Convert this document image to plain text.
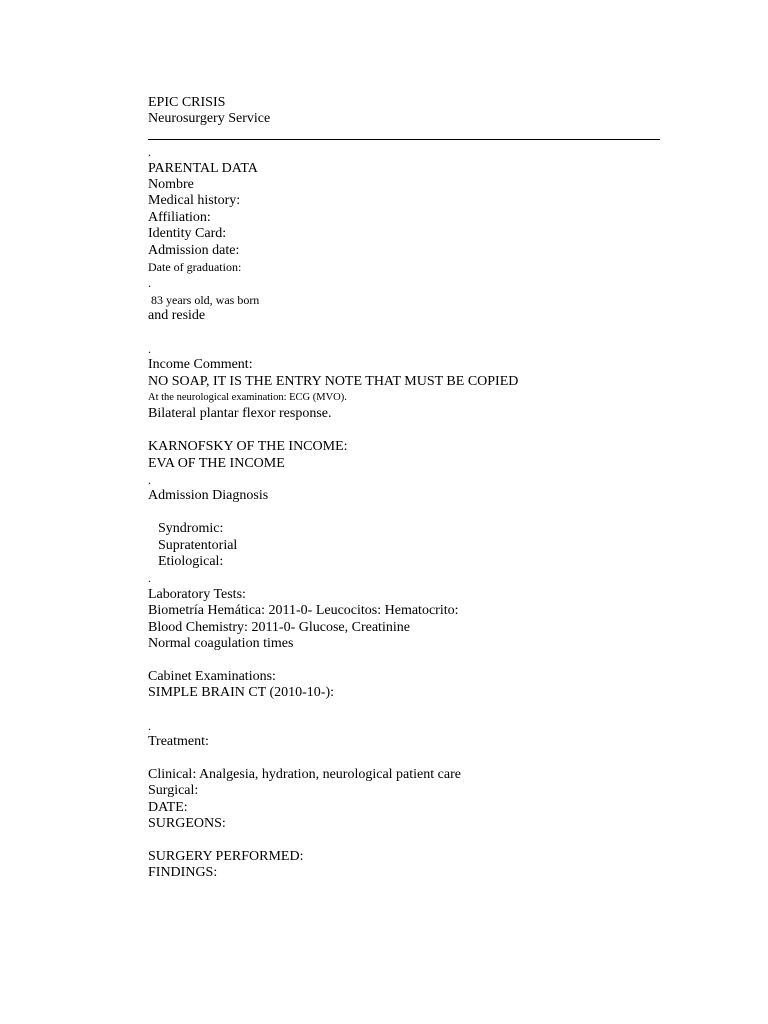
EPIC CRISIS
Neurosurgery Service
.
PARENTAL DATA
Nombre
Medical history:
Affiliation:
Identity Card:
Admission date:
Date of graduation:
.
83 years old, was born
and reside
.
Income Comment:
NO SOAP, IT IS THE ENTRY NOTE THAT MUST BE COPIED
At the neurological examination: ECG (MVO).
Bilateral plantar flexor response.
KARNOFSKY OF THE INCOME:
EVA OF THE INCOME
.
Admission Diagnosis
Syndromic:
Supratentorial
Etiological:
.
Laboratory Tests:
Biometría Hemática: 2011-0- Leucocitos: Hematocrito:
Blood Chemistry: 2011-0- Glucose, Creatinine
Normal coagulation times
Cabinet Examinations:
SIMPLE BRAIN CT (2010-10-):
.
Treatment:
Clinical: Analgesia, hydration, neurological patient care
Surgical:
DATE:
SURGEONS:
SURGERY PERFORMED:
FINDINGS:
